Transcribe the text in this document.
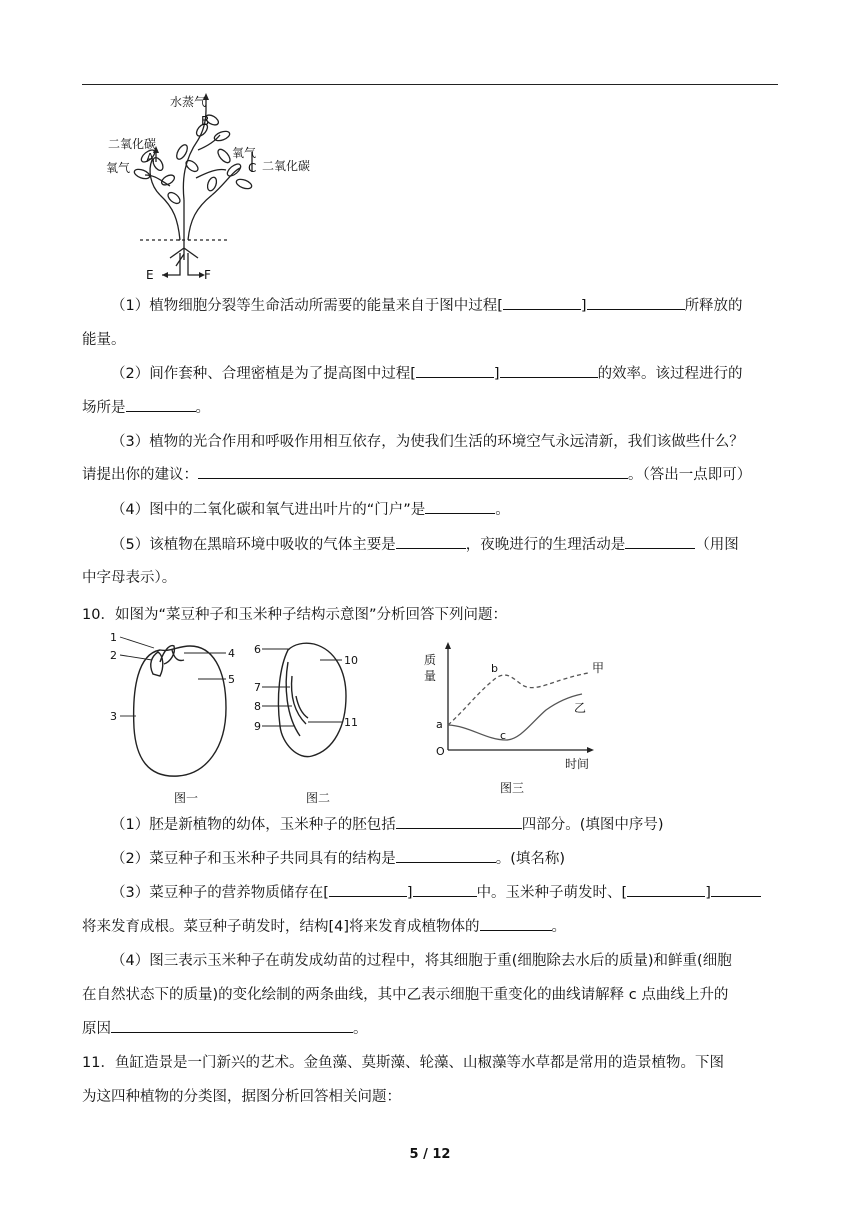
水蒸气
B
二氧化碳
A
氧气
氧气
C 二氧化碳
E	F
（1）植物细胞分裂等生命活动所需要的能量来自于图中过程[	]	所释放的
能量。
（2）间作套种、合理密植是为了提高图中过程[	]	的效率。该过程进行的
场所是	。
（3）植物的光合作用和呼吸作用相互依存，为使我们生活的环境空气永远清新，我们该做些什么？
请提出你的建议：	。（答出一点即可）
（4）图中的二氧化碳和氧气进出叶片的“门户”是	。
（5）该植物在黑暗环境中吸收的气体主要是	，夜晚进行的生理活动是	（用图
中字母表示）。
10．如图为“菜豆种子和玉米种子结构示意图”分析回答下列问题：
1
2
3
4
5
图一
6
7
8
9
10
11
图二
质
量
O
a
b
c
甲
乙
时间
图三
（1）胚是新植物的幼体，玉米种子的胚包括	四部分。(填图中序号)
（2）菜豆种子和玉米种子共同具有的结构是	。(填名称)
（3）菜豆种子的营养物质储存在[	]	中。玉米种子萌发时、[	]
将来发育成根。菜豆种子萌发时，结构[4]将来发育成植物体的	。
（4）图三表示玉米种子在萌发成幼苗的过程中，将其细胞于重(细胞除去水后的质量)和鲜重(细胞
在自然状态下的质量)的变化绘制的两条曲线，其中乙表示细胞干重变化的曲线请解释 c 点曲线上升的
原因	。
11．鱼缸造景是一门新兴的艺术。金鱼藻、莫斯藻、轮藻、山椒藻等水草都是常用的造景植物。下图
为这四种植物的分类图，据图分析回答相关问题：
5 / 12
